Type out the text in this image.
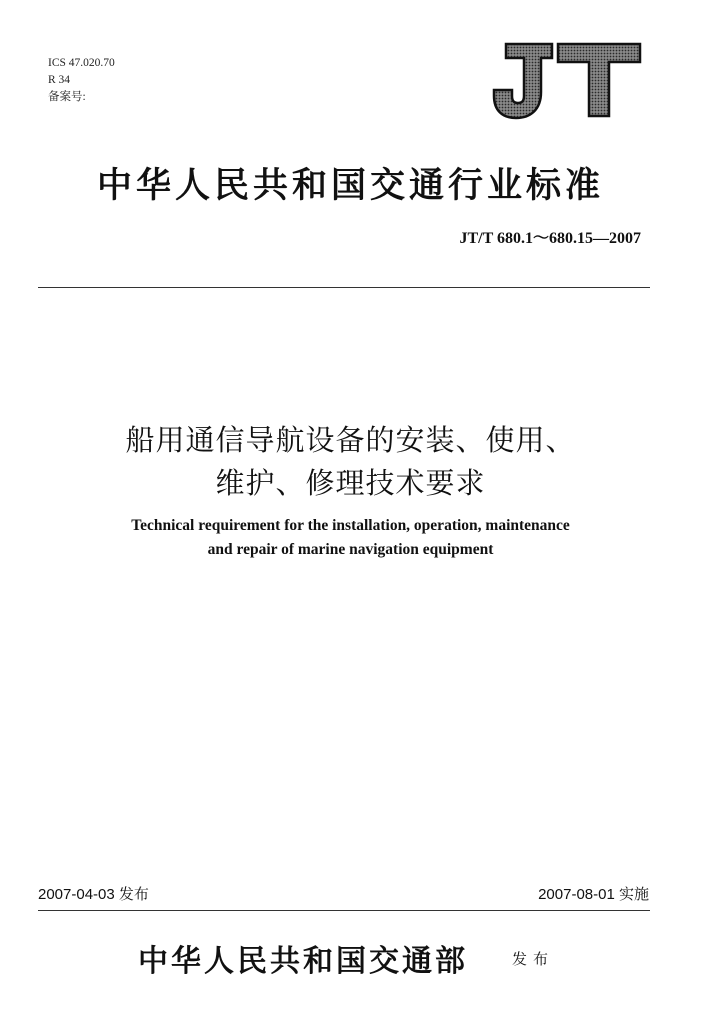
ICS 47.020.70
R 34
备案号:
中华人民共和国交通行业标准
JT/T 680.1～680.15—2007
船用通信导航设备的安装、使用、
维护、修理技术要求
Technical requirement for the installation, operation, maintenance
and repair of marine navigation equipment
2007-04-03 发布	2007-08-01 实施
中华人民共和国交通部	发布
